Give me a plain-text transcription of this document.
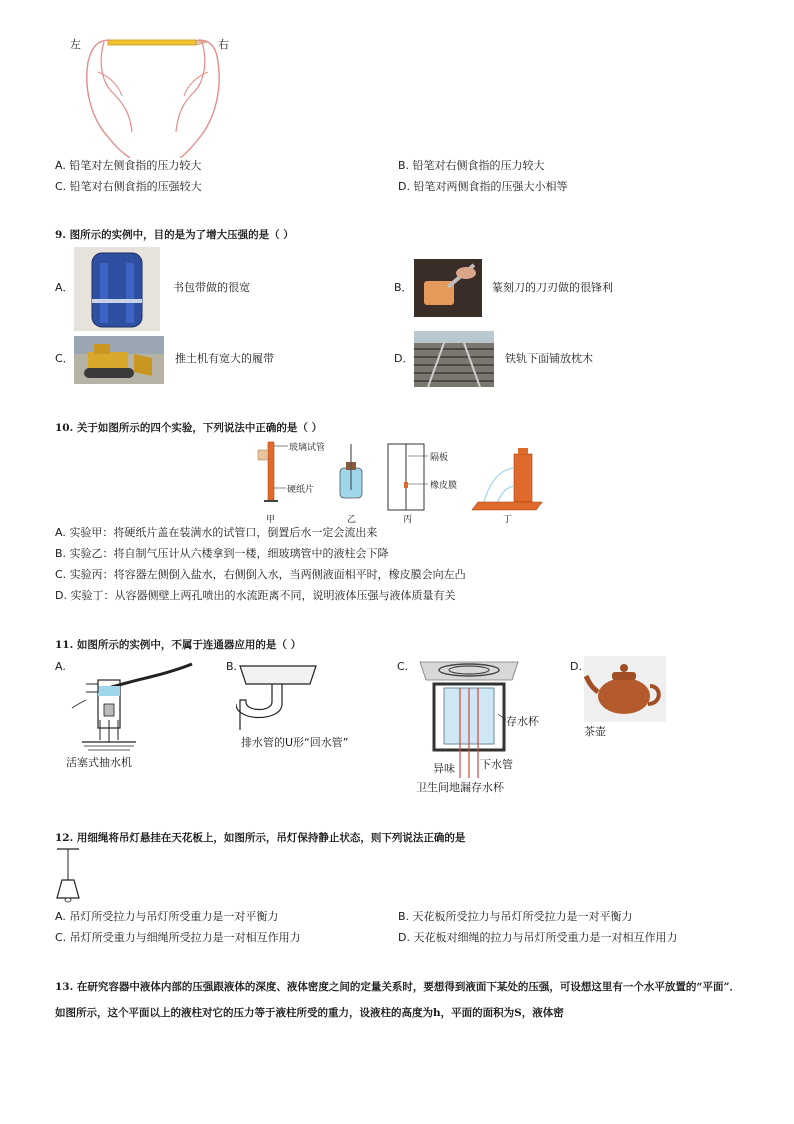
左	右
A. 铅笔对左侧食指的压力较大	B. 铅笔对右侧食指的压力较大
C. 铅笔对右侧食指的压强较大	D. 铅笔对两侧食指的压强大小相等
9. 图所示的实例中，目的是为了增大压强的是（ ）
A．	书包带做的很宽	B．	篆刻刀的刀刃做的很锋利
C．	推土机有宽大的履带	D．	铁轨下面铺放枕木
10. 关于如图所示的四个实验，下列说法中正确的是（ ）
玻璃试管
硬纸片
隔板
橡皮膜
甲	乙	丙	丁
A. 实验甲：将硬纸片盖在装满水的试管口，倒置后水一定会流出来
B. 实验乙：将自制气压计从六楼拿到一楼，细玻璃管中的液柱会下降
C. 实验丙：将容器左侧倒入盐水，右侧倒入水，当两侧液面相平时，橡皮膜会向左凸
D. 实验丁：从容器侧壁上两孔喷出的水流距离不同，说明液体压强与液体质量有关
11. 如图所示的实例中，不属于连通器应用的是（ ）
A.
活塞式抽水机
B.
排水管的U形“回水管”
C.
存水杯
异味 下水管
卫生间地漏存水杯
D.
茶壶
12. 用细绳将吊灯悬挂在天花板上，如图所示，吊灯保持静止状态，则下列说法正确的是
A. 吊灯所受拉力与吊灯所受重力是一对平衡力	B. 天花板所受拉力与吊灯所受拉力是一对平衡力
C. 吊灯所受重力与细绳所受拉力是一对相互作用力	D. 天花板对细绳的拉力与吊灯所受重力是一对相互作用力
13. 在研究容器中液体内部的压强跟液体的深度、液体密度之间的定量关系时，要想得到液面下某处的压强，可设想这里有一个水平放置的“平面”．如图所示，这个平面以上的液柱对它的压力等于液柱所受的重力，设液柱的高度为h，平面的面积为S，液体密
